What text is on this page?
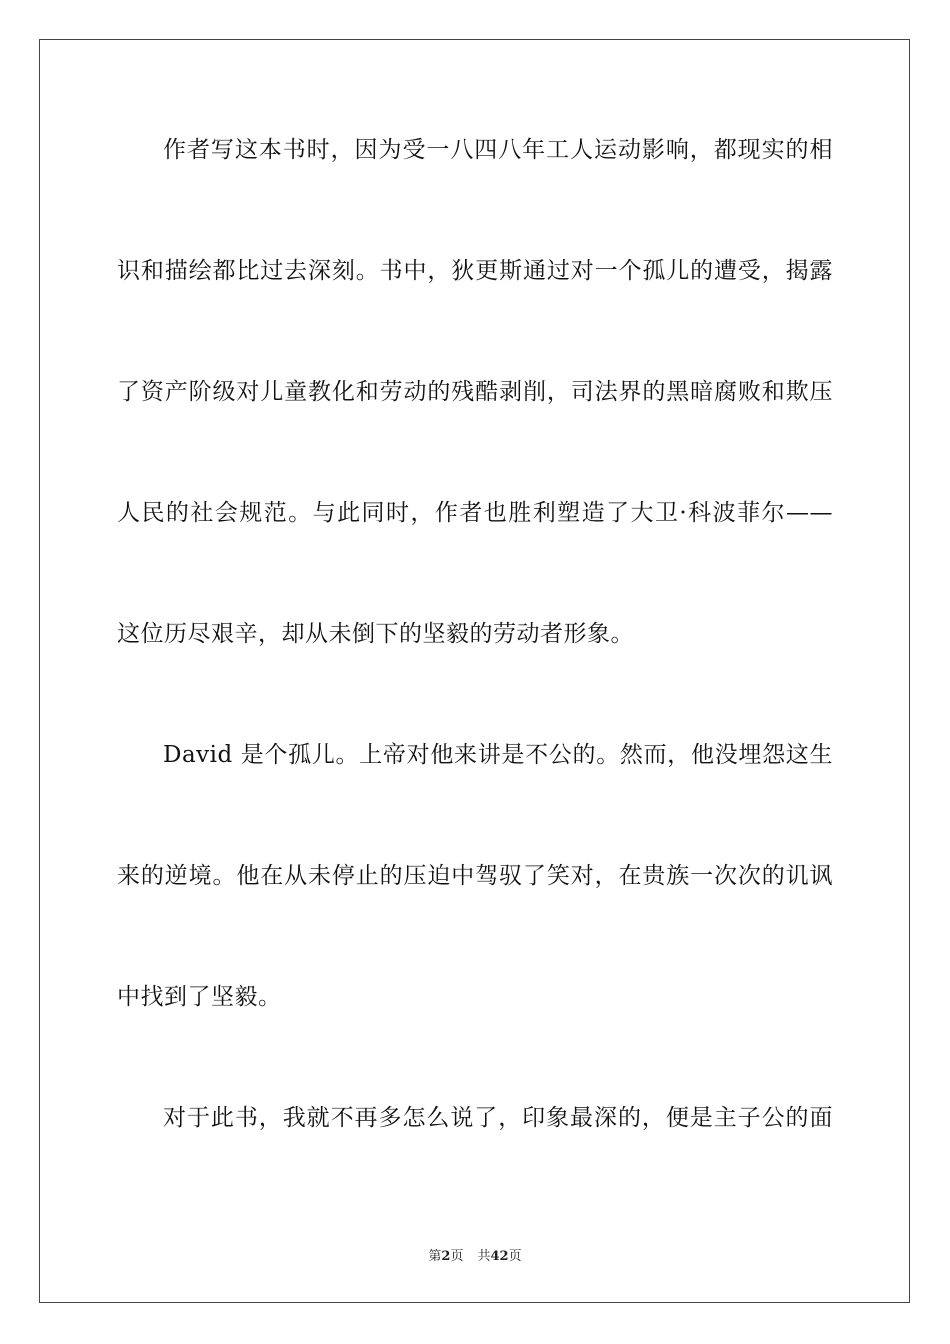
作者写这本书时，因为受一八四八年工人运动影响，都现实的相
识和描绘都比过去深刻。书中，狄更斯通过对一个孤儿的遭受，揭露
了资产阶级对儿童教化和劳动的残酷剥削，司法界的黑暗腐败和欺压
人民的社会规范。与此同时，作者也胜利塑造了大卫·科波菲尔——
这位历尽艰辛，却从未倒下的坚毅的劳动者形象。
David 是个孤儿。上帝对他来讲是不公的。然而，他没埋怨这生
来的逆境。他在从未停止的压迫中驾驭了笑对，在贵族一次次的讥讽
中找到了坚毅。
对于此书，我就不再多怎么说了，印象最深的，便是主子公的面
第2页 共42页
